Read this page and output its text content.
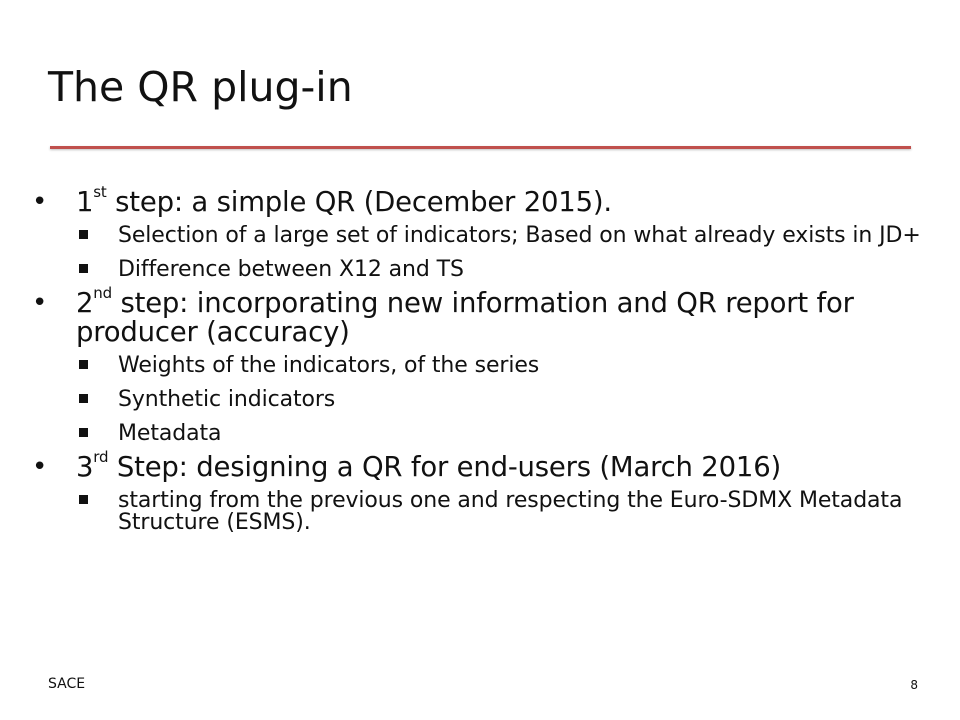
The QR plug-in
• 1st step: a simple QR (December 2015).
Selection of a large set of indicators; Based on what already exists in JD+
Difference between X12 and TS
• 2nd step: incorporating new information and QR report for producer (accuracy)
Weights of the indicators, of the series
Synthetic indicators
Metadata
• 3rd Step: designing a QR for end-users (March 2016)
starting from the previous one and respecting the Euro-SDMX Metadata Structure (ESMS).
SACE	8
